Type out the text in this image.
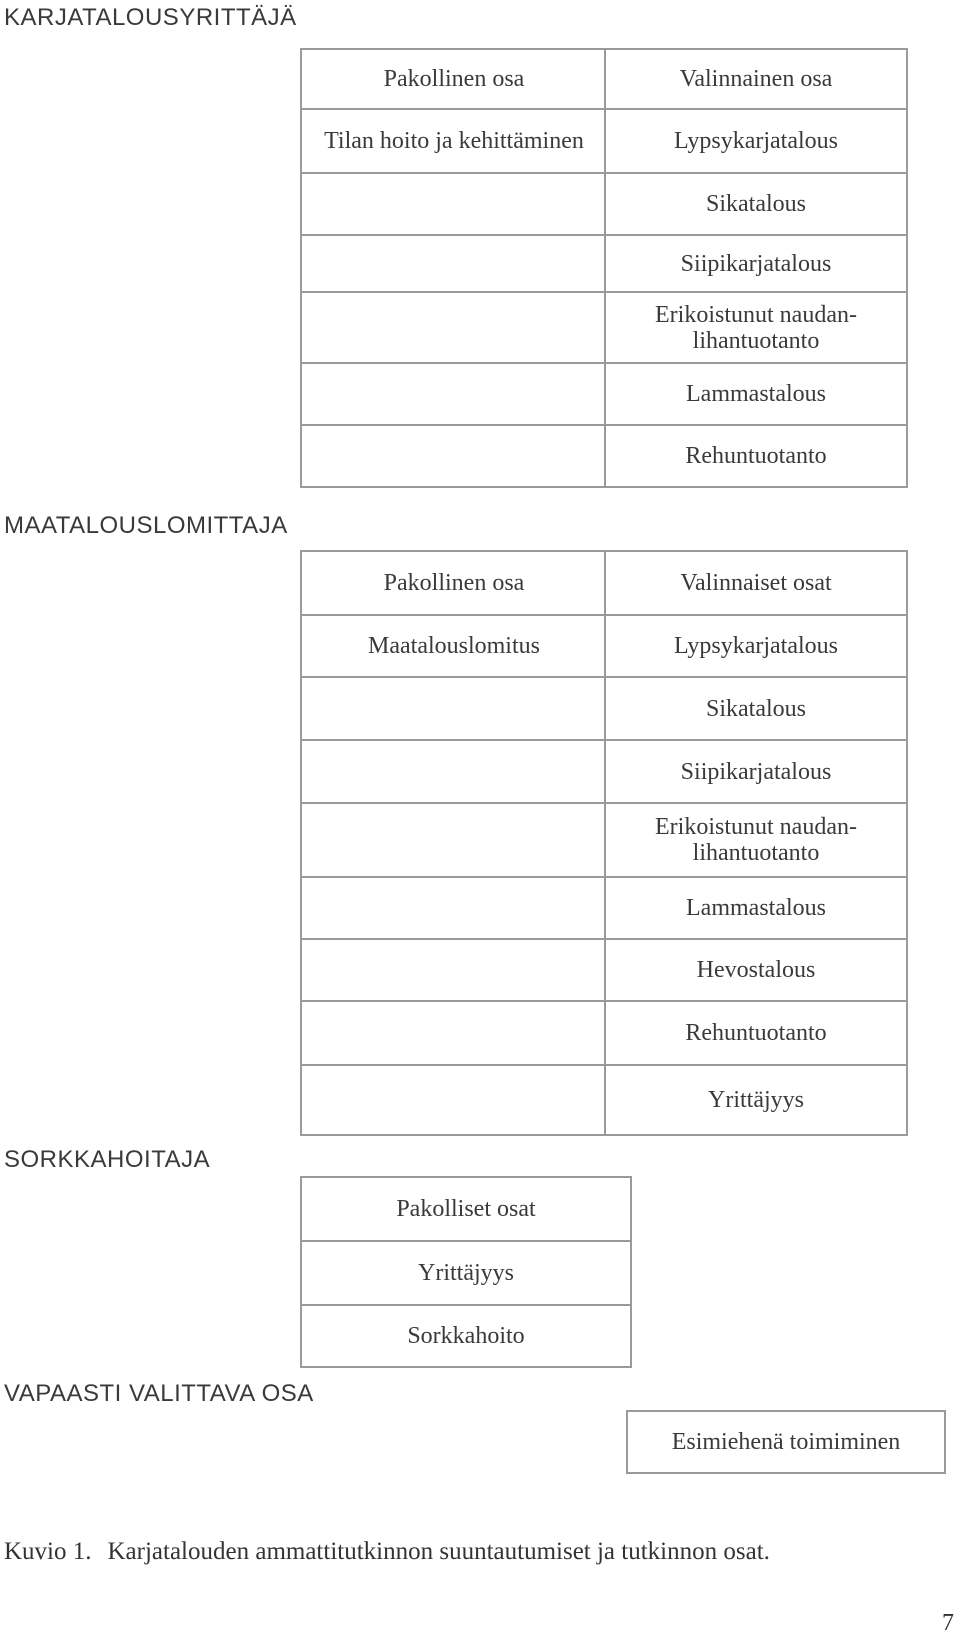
KARJATALOUSYRITTÄJÄ
Pakollinen osa
Tilan hoito ja kehittäminen
Valinnainen osa
Lypsykarjatalous
Sikatalous
Siipikarjatalous
Erikoistunut naudan-
lihantuotanto
Lammastalous
Rehuntuotanto
MAATALOUSLOMITTAJA
Pakollinen osa
Maatalouslomitus
Valinnaiset osat
Lypsykarjatalous
Sikatalous
Siipikarjatalous
Erikoistunut naudan-
lihantuotanto
Lammastalous
Hevostalous
Rehuntuotanto
Yrittäjyys
SORKKAHOITAJA
Pakolliset osat
Yrittäjyys
Sorkkahoito
VAPAASTI VALITTAVA OSA
Esimiehenä toimiminen
Kuvio 1. Karjatalouden ammattitutkinnon suuntautumiset ja tutkinnon osat.
7
